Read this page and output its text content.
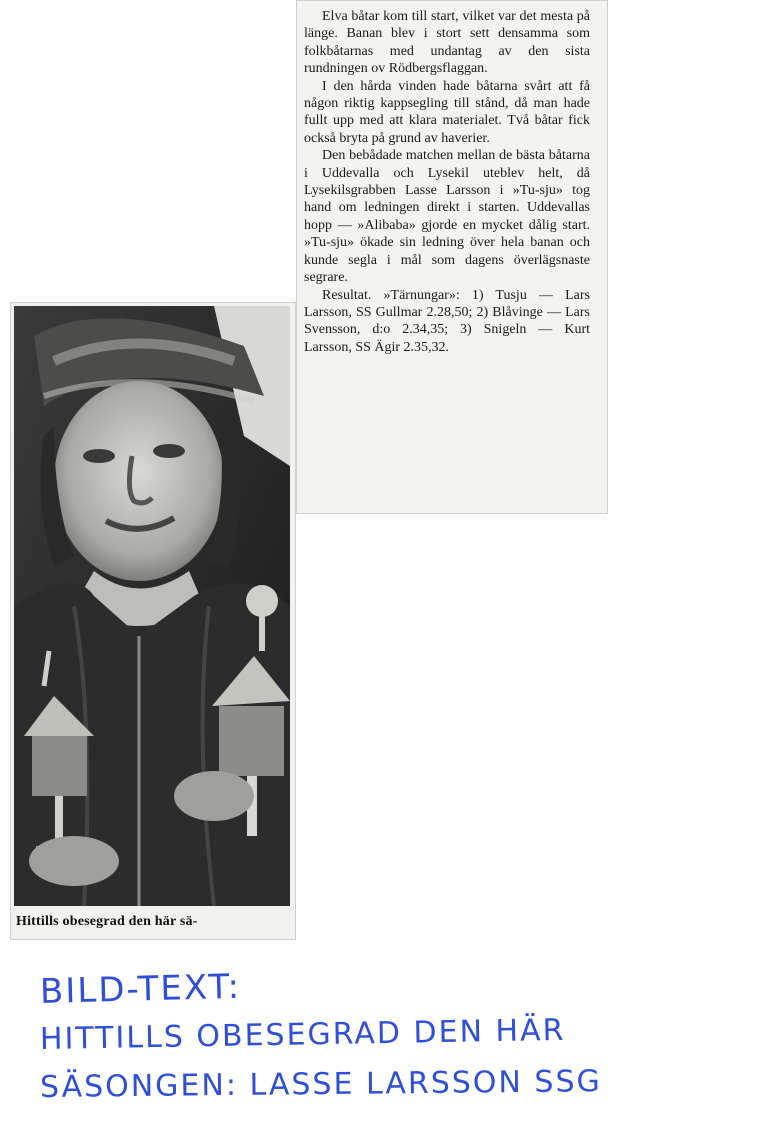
Elva båtar kom till start, vilket var det mesta på länge. Banan blev i stort sett densamma som folkbåtarnas med undantag av den sista rundningen ov Rödbergsflaggan.

I den hårda vinden hade båtarna svårt att få någon riktig kappsegling till stånd, då man hade fullt upp med att klara materialet. Två båtar fick också bryta på grund av haverier.

Den bebådade matchen mellan de bästa båtarna i Uddevalla och Lysekil uteblev helt, då Lysekilsgrabben Lasse Larsson i »Tu-sju» tog hand om ledningen direkt i starten. Uddevallas hopp — »Alibaba» gjorde en mycket dålig start. »Tu-sju» ökade sin ledning över hela banan och kunde segla i mål som dagens överlägsnaste segrare.

Resultat. »Tärnungar»: 1) Tusju — Lars Larsson, SS Gullmar 2.28,50; 2) Blåvinge — Lars Svensson, d:o 2.34,35; 3) Snigeln — Kurt Larsson, SS Ägir 2.35,32.

Hittills obesegrad den här sä-
BILD-TEXT:
HITTILLS OBESEGRAD DEN HÄR
SÄSONGEN: LASSE LARSSON SSG
